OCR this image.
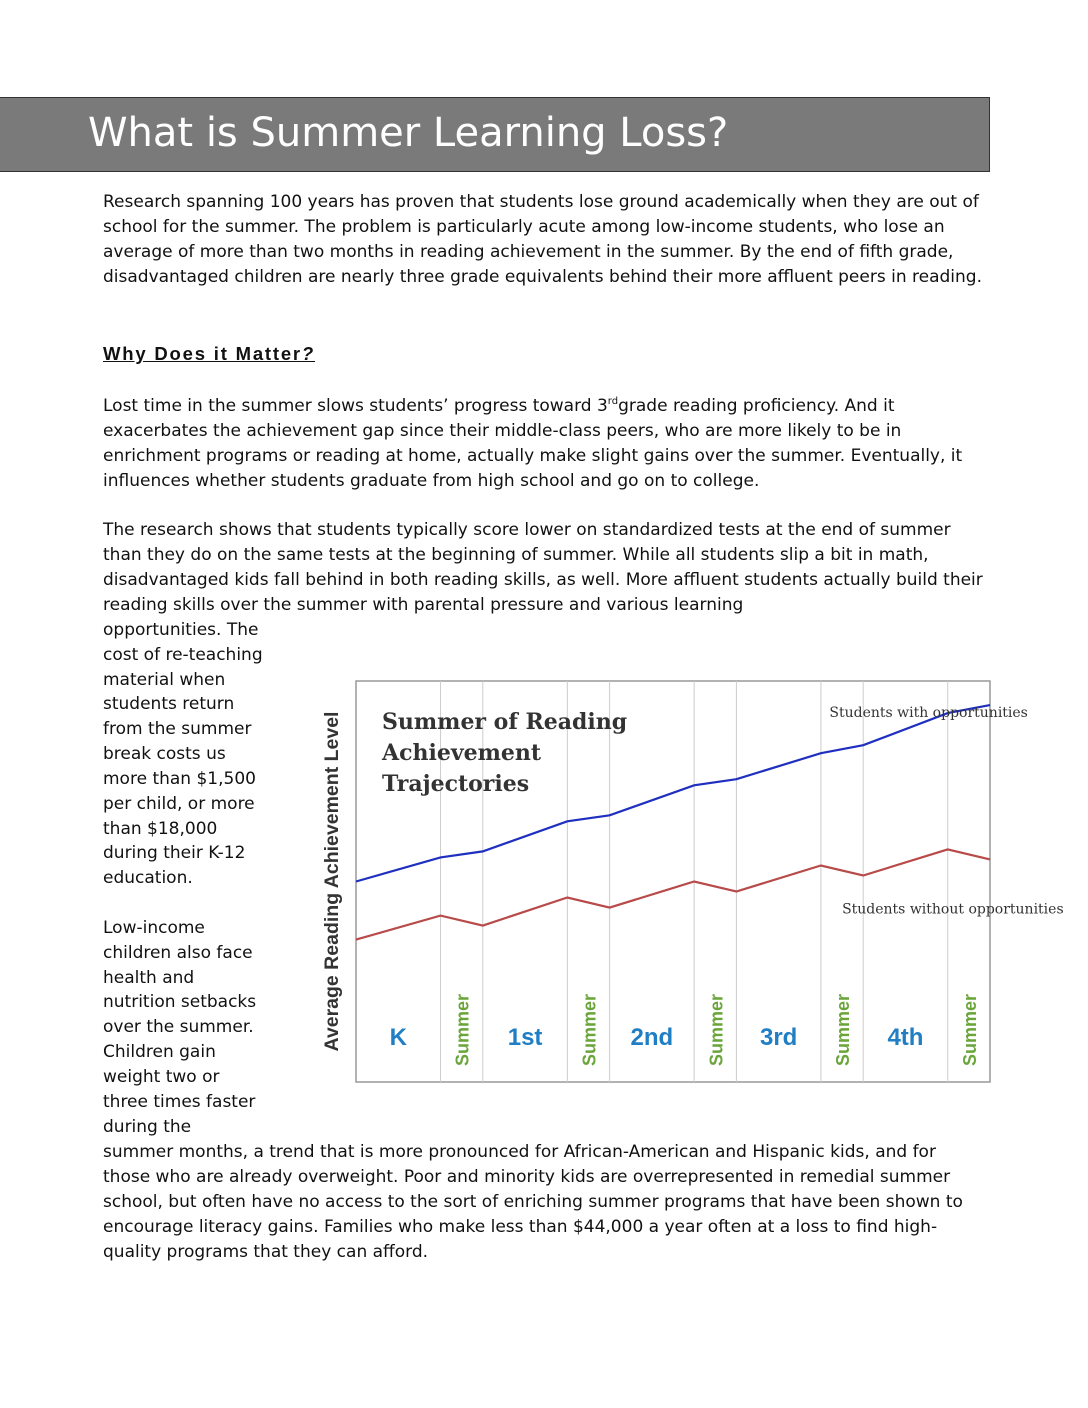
What is Summer Learning Loss?

Research spanning 100 years has proven that students lose ground academically when they are out of school for the summer. The problem is particularly acute among low-income students, who lose an average of more than two months in reading achievement in the summer. By the end of fifth grade, disadvantaged children are nearly three grade equivalents behind their more affluent peers in reading.

Why Does it Matter?

Lost time in the summer slows students’ progress toward 3rdgrade reading proficiency. And it exacerbates the achievement gap since their middle-class peers, who are more likely to be in enrichment programs or reading at home, actually make slight gains over the summer. Eventually, it influences whether students graduate from high school and go on to college.

The research shows that students typically score lower on standardized tests at the end of summer than they do on the same tests at the beginning of summer. While all students slip a bit in math, disadvantaged kids fall behind in both reading skills, as well. More affluent students actually build their reading skills over the summer with parental pressure and various learning

opportunities. The

cost of re-teaching

material when

students return

from the summer

break costs us

more than $1,500

per child, or more

than $18,000

during their K-12

education.

Low-income

children also face

health and

nutrition setbacks

over the summer.

Children gain

weight two or

three times faster

during the

summer months, a trend that is more pronounced for African-American and Hispanic kids, and for those who are already overweight. Poor and minority kids are overrepresented in remedial summer school, but often have no access to the sort of enriching summer programs that have been shown to encourage literacy gains. Families who make less than $44,000 a year often at a loss to find high-quality programs that they can afford.

Students with opportunities
Students without opportunities
Summer of Reading
Achievement
Trajectories
Average Reading Achievement Level K	Summer 1st Summer 2nd Summer 3rd Summer 4th Summer
